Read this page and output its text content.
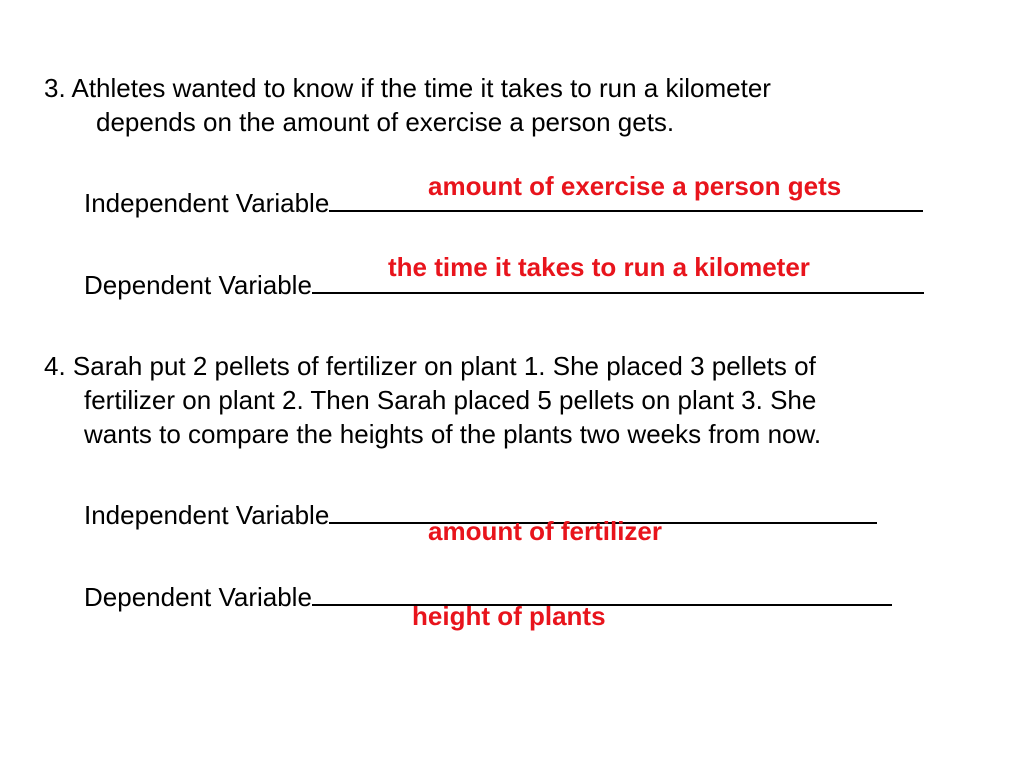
3. Athletes wanted to know if the time it takes to run a kilometer
depends on the amount of exercise a person gets.
amount of exercise a person gets
Independent Variable
the time it takes to run a kilometer
Dependent Variable
4. Sarah put 2 pellets of fertilizer on plant 1. She placed 3 pellets of
fertilizer on plant 2. Then Sarah placed 5 pellets on plant 3. She
wants to compare the heights of the plants two weeks from now.
Independent Variable
amount of fertilizer
Dependent Variable
height of plants
